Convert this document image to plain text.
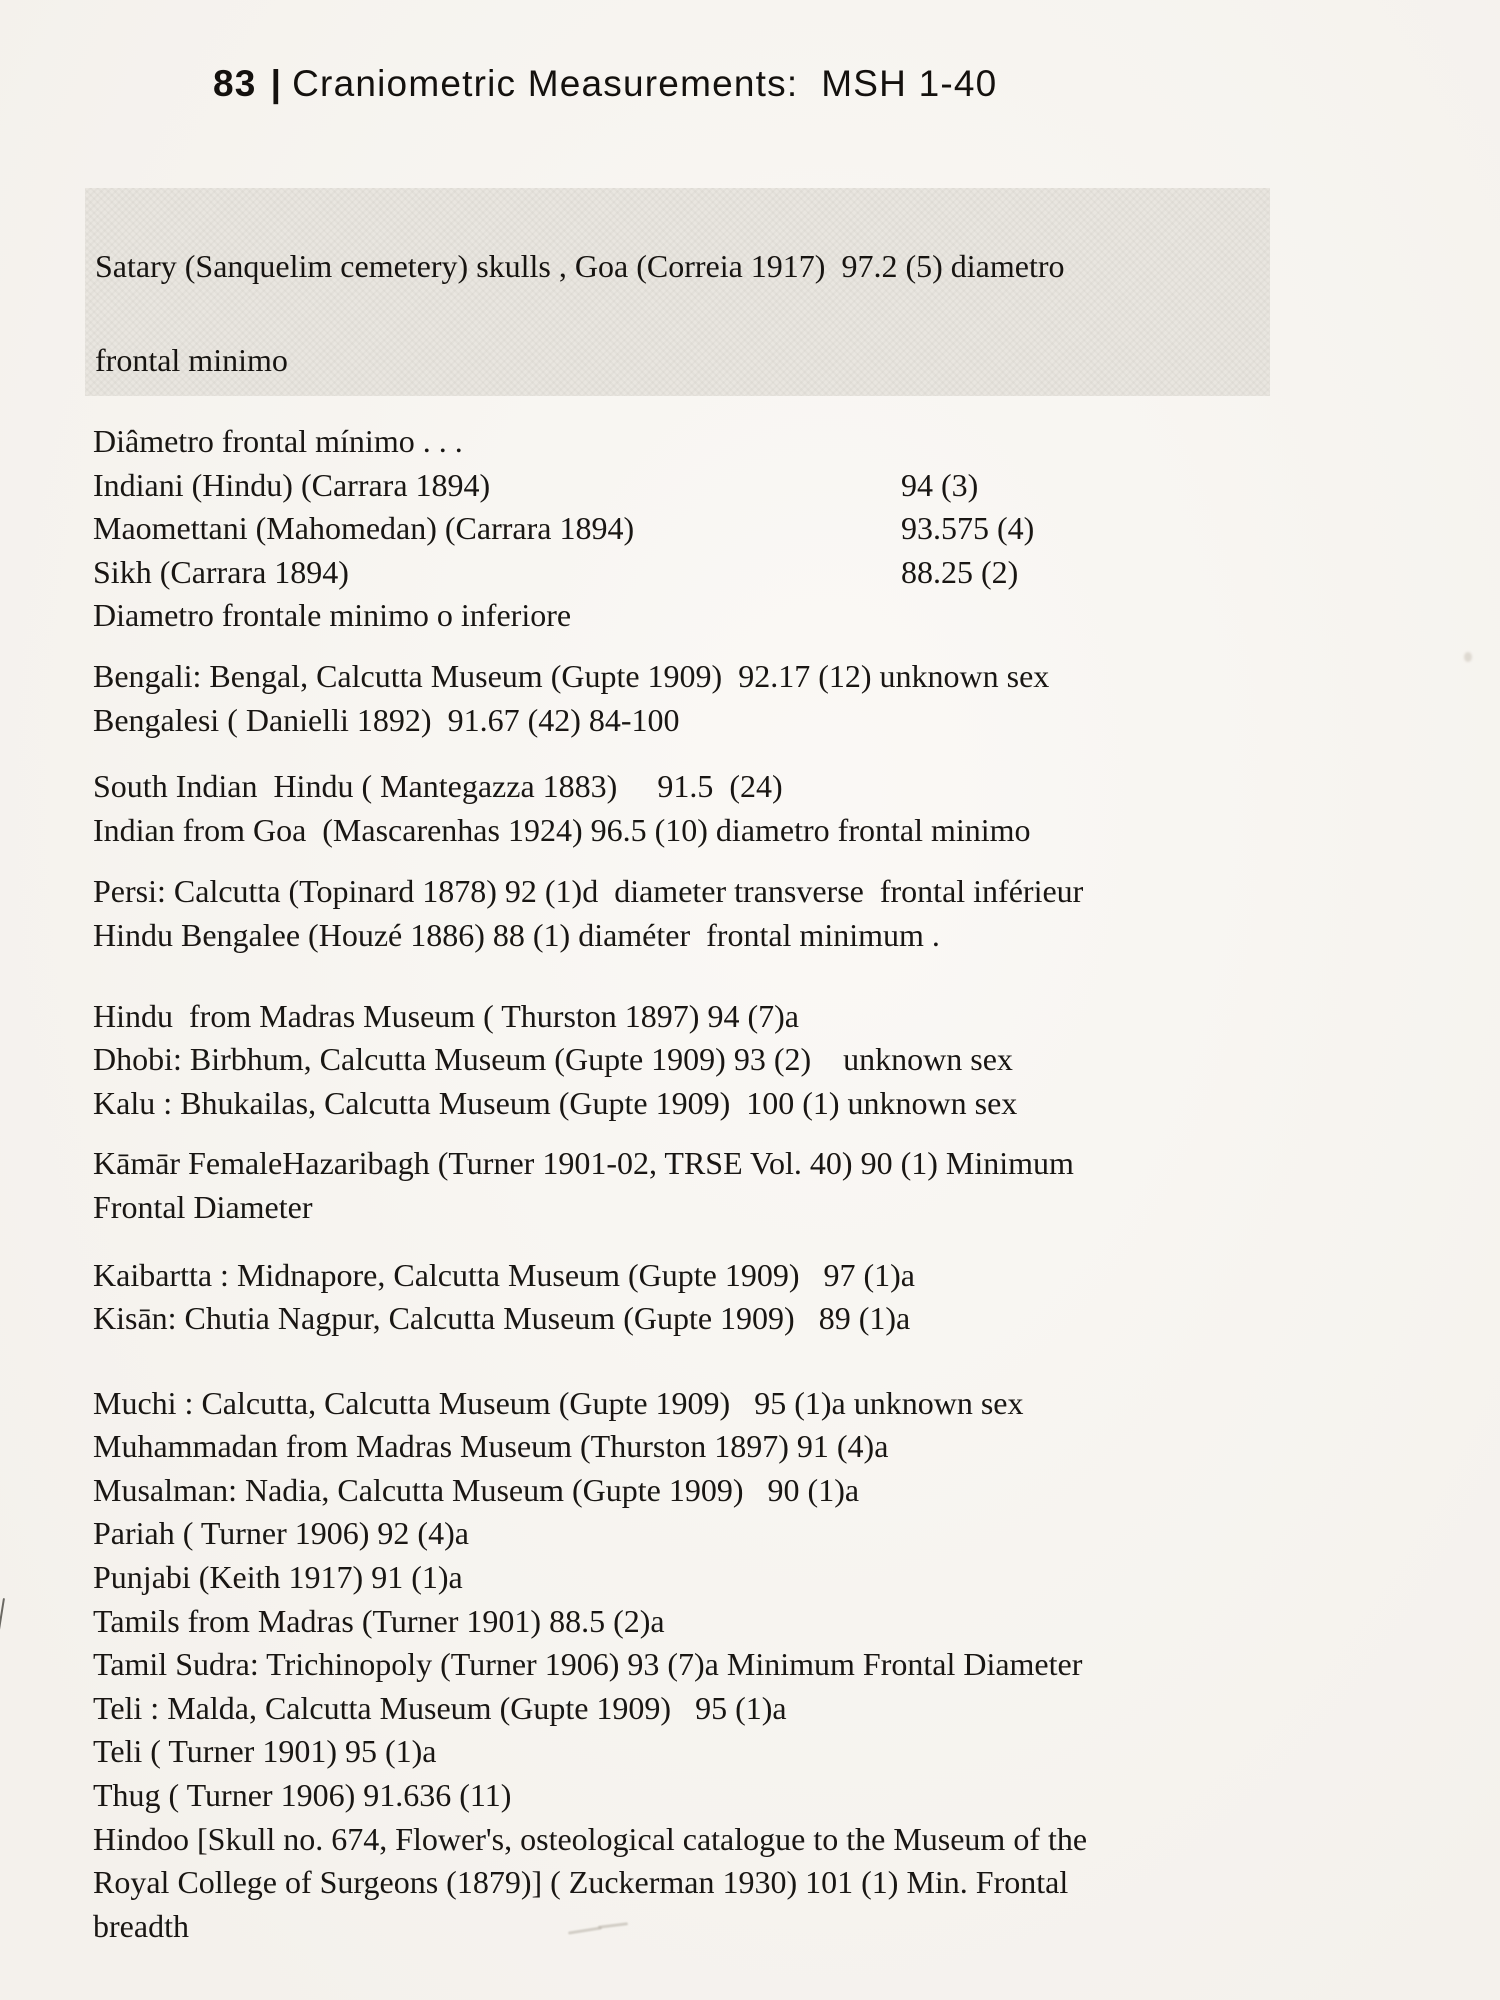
83 | Craniometric Measurements:  MSH 1-40
Satary (Sanquelim cemetery) skulls , Goa (Correia 1917)  97.2 (5) diametro
frontal minimo
Diâmetro frontal mínimo . . .
Indiani (Hindu) (Carrara 1894)	94 (3)
Maomettani (Mahomedan) (Carrara 1894)	93.575 (4)
Sikh (Carrara 1894)	88.25 (2)
Diametro frontale minimo o inferiore
Bengali: Bengal, Calcutta Museum (Gupte 1909)  92.17 (12) unknown sex
Bengalesi ( Danielli 1892)  91.67 (42) 84-100
South Indian  Hindu ( Mantegazza 1883)     91.5  (24)
Indian from Goa  (Mascarenhas 1924) 96.5 (10) diametro frontal minimo
Persi: Calcutta (Topinard 1878) 92 (1)d  diameter transverse  frontal inférieur
Hindu Bengalee (Houzé 1886) 88 (1) diaméter  frontal minimum .
Hindu  from Madras Museum ( Thurston 1897) 94 (7)a
Dhobi: Birbhum, Calcutta Museum (Gupte 1909) 93 (2)    unknown sex
Kalu : Bhukailas, Calcutta Museum (Gupte 1909)  100 (1) unknown sex
Kāmār FemaleHazaribagh (Turner 1901-02, TRSE Vol. 40) 90 (1) Minimum
Frontal Diameter
Kaibartta : Midnapore, Calcutta Museum (Gupte 1909)   97 (1)a
Kisān: Chutia Nagpur, Calcutta Museum (Gupte 1909)   89 (1)a
Muchi : Calcutta, Calcutta Museum (Gupte 1909)   95 (1)a unknown sex
Muhammadan from Madras Museum (Thurston 1897) 91 (4)a
Musalman: Nadia, Calcutta Museum (Gupte 1909)   90 (1)a
Pariah ( Turner 1906) 92 (4)a
Punjabi (Keith 1917) 91 (1)a
Tamils from Madras (Turner 1901) 88.5 (2)a
Tamil Sudra: Trichinopoly (Turner 1906) 93 (7)a Minimum Frontal Diameter
Teli : Malda, Calcutta Museum (Gupte 1909)   95 (1)a
Teli ( Turner 1901) 95 (1)a
Thug ( Turner 1906) 91.636 (11)
Hindoo [Skull no. 674, Flower's, osteological catalogue to the Museum of the
Royal College of Surgeons (1879)] ( Zuckerman 1930) 101 (1) Min. Frontal
breadth
